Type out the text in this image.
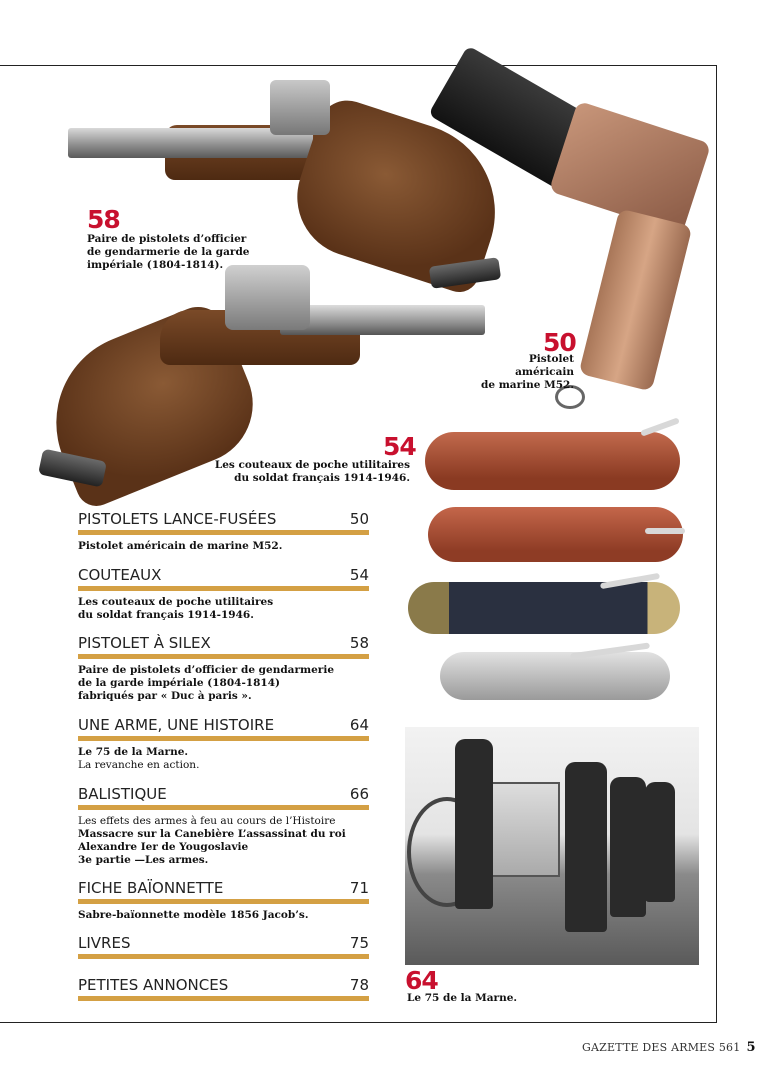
58
Paire de pistolets d’officier
de gendarmerie de la garde
impériale (1804-1814).
50
Pistolet américain
de marine M52.
54
Les couteaux de poche utilitaires
du soldat français 1914-1946.
64
Le 75 de la Marne.
PISTOLETS LANCE-FUSÉES	50
Pistolet américain de marine M52.
COUTEAUX	54
Les couteaux de poche utilitaires
du soldat français 1914-1946.
PISTOLET À SILEX	58
Paire de pistolets d’officier de gendarmerie
de la garde impériale (1804-1814)
fabriqués par « Duc à paris ».
UNE ARME, UNE HISTOIRE	64
Le 75 de la Marne.
La revanche en action.
BALISTIQUE	66
Les effets des armes à feu au cours de l’Histoire
Massacre sur la Canebière L’assassinat du roi
Alexandre Ier de Yougoslavie
3e partie —Les armes.
FICHE BAÏONNETTE	71
Sabre-baïonnette modèle 1856 Jacob’s.
LIVRES	75
PETITES ANNONCES	78
GAZETTE DES ARMES 561 5
